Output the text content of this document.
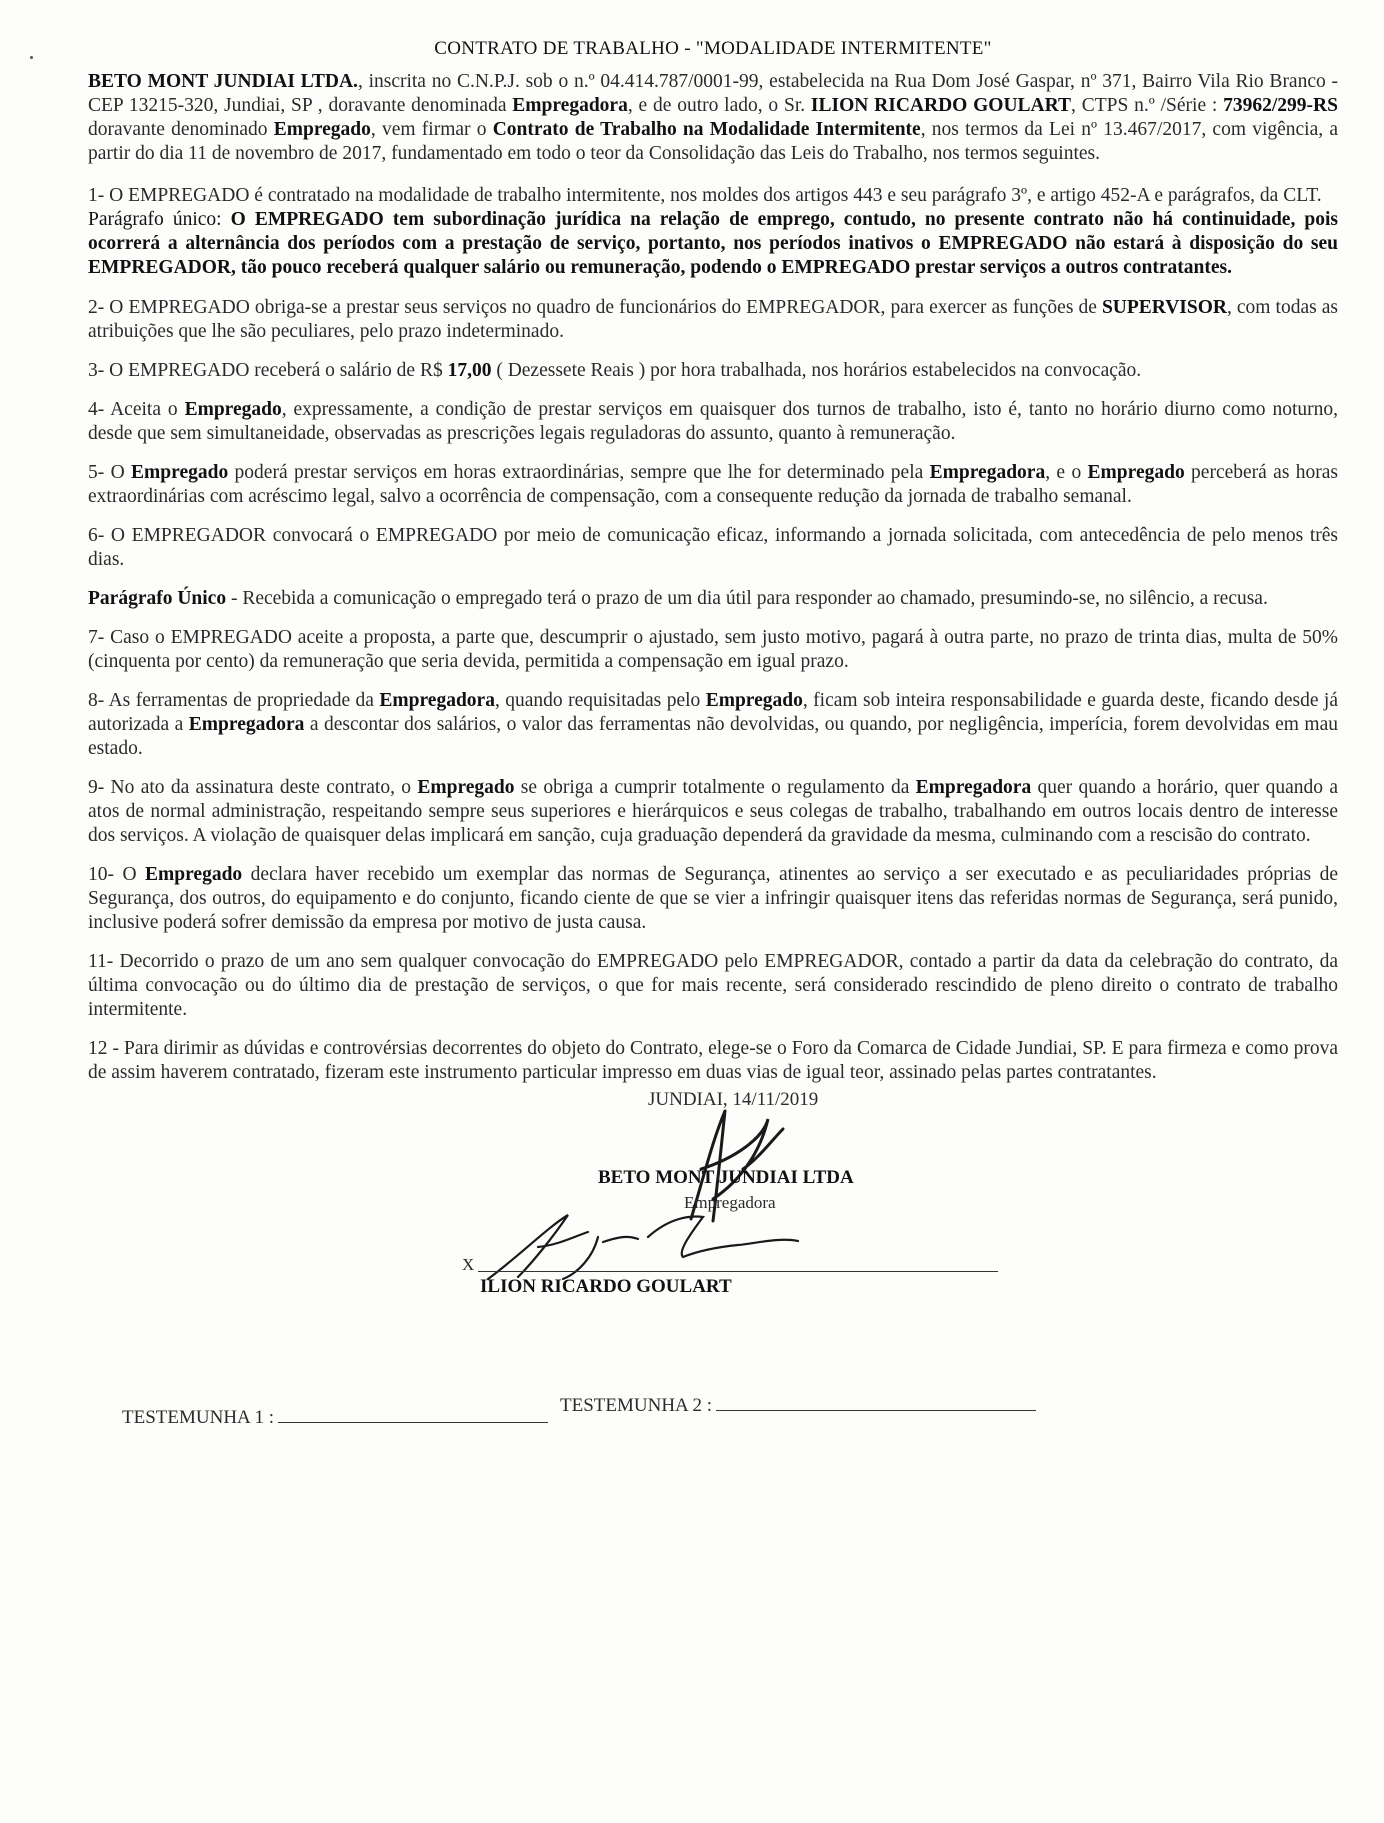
CONTRATO DE TRABALHO - "MODALIDADE INTERMITENTE"

BETO MONT JUNDIAI LTDA., inscrita no C.N.P.J. sob o n.º 04.414.787/0001-99, estabelecida na Rua Dom José Gaspar, nº 371, Bairro Vila Rio Branco - CEP 13215-320, Jundiai, SP , doravante denominada Empregadora, e de outro lado, o Sr. ILION RICARDO GOULART, CTPS n.º /Série : 73962/299-RS doravante denominado Empregado, vem firmar o Contrato de Trabalho na Modalidade Intermitente, nos termos da Lei nº 13.467/2017, com vigência, a partir do dia 11 de novembro de 2017, fundamentado em todo o teor da Consolidação das Leis do Trabalho, nos termos seguintes.

1- O EMPREGADO é contratado na modalidade de trabalho intermitente, nos moldes dos artigos 443 e seu parágrafo 3º, e artigo 452-A e parágrafos, da CLT.

Parágrafo único: O EMPREGADO tem subordinação jurídica na relação de emprego, contudo, no presente contrato não há continuidade, pois ocorrerá a alternância dos períodos com a prestação de serviço, portanto, nos períodos inativos o EMPREGADO não estará à disposição do seu EMPREGADOR, tão pouco receberá qualquer salário ou remuneração, podendo o EMPREGADO prestar serviços a outros contratantes.

2- O EMPREGADO obriga-se a prestar seus serviços no quadro de funcionários do EMPREGADOR, para exercer as funções de SUPERVISOR, com todas as atribuições que lhe são peculiares, pelo prazo indeterminado.

3- O EMPREGADO receberá o salário de R$ 17,00 ( Dezessete Reais ) por hora trabalhada, nos horários estabelecidos na convocação.

4- Aceita o Empregado, expressamente, a condição de prestar serviços em quaisquer dos turnos de trabalho, isto é, tanto no horário diurno como noturno, desde que sem simultaneidade, observadas as prescrições legais reguladoras do assunto, quanto à remuneração.

5- O Empregado poderá prestar serviços em horas extraordinárias, sempre que lhe for determinado pela Empregadora, e o Empregado perceberá as horas extraordinárias com acréscimo legal, salvo a ocorrência de compensação, com a consequente redução da jornada de trabalho semanal.

6- O EMPREGADOR convocará o EMPREGADO por meio de comunicação eficaz, informando a jornada solicitada, com antecedência de pelo menos três dias.

Parágrafo Único - Recebida a comunicação o empregado terá o prazo de um dia útil para responder ao chamado, presumindo-se, no silêncio, a recusa.

7- Caso o EMPREGADO aceite a proposta, a parte que, descumprir o ajustado, sem justo motivo, pagará à outra parte, no prazo de trinta dias, multa de 50% (cinquenta por cento) da remuneração que seria devida, permitida a compensação em igual prazo.

8- As ferramentas de propriedade da Empregadora, quando requisitadas pelo Empregado, ficam sob inteira responsabilidade e guarda deste, ficando desde já autorizada a Empregadora a descontar dos salários, o valor das ferramentas não devolvidas, ou quando, por negligência, imperícia, forem devolvidas em mau estado.

9- No ato da assinatura deste contrato, o Empregado se obriga a cumprir totalmente o regulamento da Empregadora quer quando a horário, quer quando a atos de normal administração, respeitando sempre seus superiores e hierárquicos e seus colegas de trabalho, trabalhando em outros locais dentro de interesse dos serviços. A violação de quaisquer delas implicará em sanção, cuja graduação dependerá da gravidade da mesma, culminando com a rescisão do contrato.

10- O Empregado declara haver recebido um exemplar das normas de Segurança, atinentes ao serviço a ser executado e as peculiaridades próprias de Segurança, dos outros, do equipamento e do conjunto, ficando ciente de que se vier a infringir quaisquer itens das referidas normas de Segurança, será punido, inclusive poderá sofrer demissão da empresa por motivo de justa causa.

11- Decorrido o prazo de um ano sem qualquer convocação do EMPREGADO pelo EMPREGADOR, contado a partir da data da celebração do contrato, da última convocação ou do último dia de prestação de serviços, o que for mais recente, será considerado rescindido de pleno direito o contrato de trabalho intermitente.

12 - Para dirimir as dúvidas e controvérsias decorrentes do objeto do Contrato, elege-se o Foro da Comarca de Cidade Jundiai, SP. E para firmeza e como prova de assim haverem contratado, fizeram este instrumento particular impresso em duas vias de igual teor, assinado pelas partes contratantes.

JUNDIAI, 14/11/2019
BETO MONT JUNDIAI LTDA
Empregadora
X
ILION RICARDO GOULART
TESTEMUNHA 1 :
TESTEMUNHA 2 :
